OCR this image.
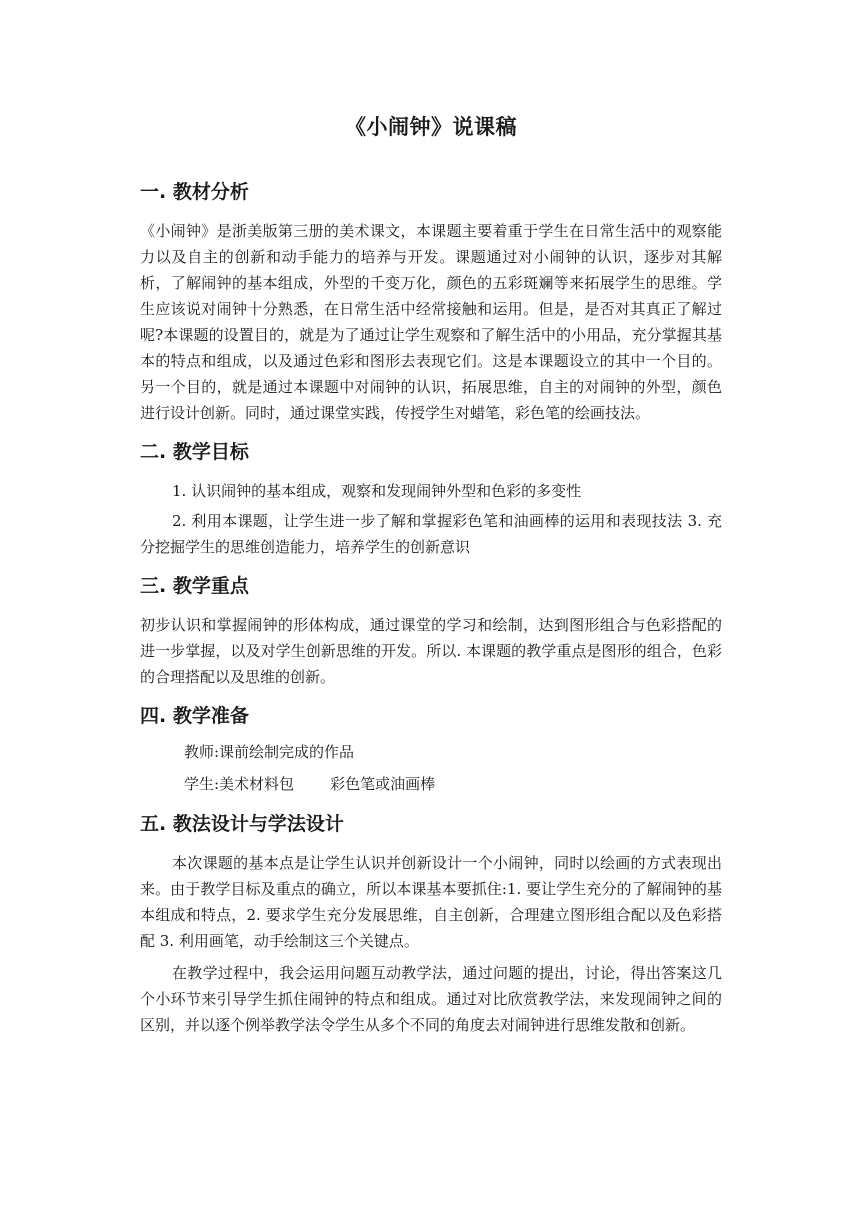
《小闹钟》说课稿
一. 教材分析

《小闹钟》是浙美版第三册的美术课文，本课题主要着重于学生在日常生活中的观察能力以及自主的创新和动手能力的培养与开发。课题通过对小闹钟的认识，逐步对其解析，了解闹钟的基本组成，外型的千变万化，颜色的五彩斑斓等来拓展学生的思维。学生应该说对闹钟十分熟悉，在日常生活中经常接触和运用。但是，是否对其真正了解过呢?本课题的设置目的，就是为了通过让学生观察和了解生活中的小用品，充分掌握其基本的特点和组成，以及通过色彩和图形去表现它们。这是本课题设立的其中一个目的。另一个目的，就是通过本课题中对闹钟的认识，拓展思维，自主的对闹钟的外型，颜色进行设计创新。同时，通过课堂实践，传授学生对蜡笔，彩色笔的绘画技法。

二. 教学目标

1. 认识闹钟的基本组成，观察和发现闹钟外型和色彩的多变性

2. 利用本课题，让学生进一步了解和掌握彩色笔和油画棒的运用和表现技法 3. 充分挖掘学生的思维创造能力，培养学生的创新意识

三. 教学重点

初步认识和掌握闹钟的形体构成，通过课堂的学习和绘制，达到图形组合与色彩搭配的进一步掌握，以及对学生创新思维的开发。所以. 本课题的教学重点是图形的组合，色彩的合理搭配以及思维的创新。

四. 教学准备

教师:课前绘制完成的作品

学生:美术材料包 彩色笔或油画棒

五. 教法设计与学法设计

本次课题的基本点是让学生认识并创新设计一个小闹钟，同时以绘画的方式表现出来。由于教学目标及重点的确立，所以本课基本要抓住:1. 要让学生充分的了解闹钟的基本组成和特点，2. 要求学生充分发展思维，自主创新，合理建立图形组合配以及色彩搭配 3. 利用画笔，动手绘制这三个关键点。

在教学过程中，我会运用问题互动教学法，通过问题的提出，讨论，得出答案这几个小环节来引导学生抓住闹钟的特点和组成。通过对比欣赏教学法，来发现闹钟之间的区别，并以逐个例举教学法令学生从多个不同的角度去对闹钟进行思维发散和创新。
